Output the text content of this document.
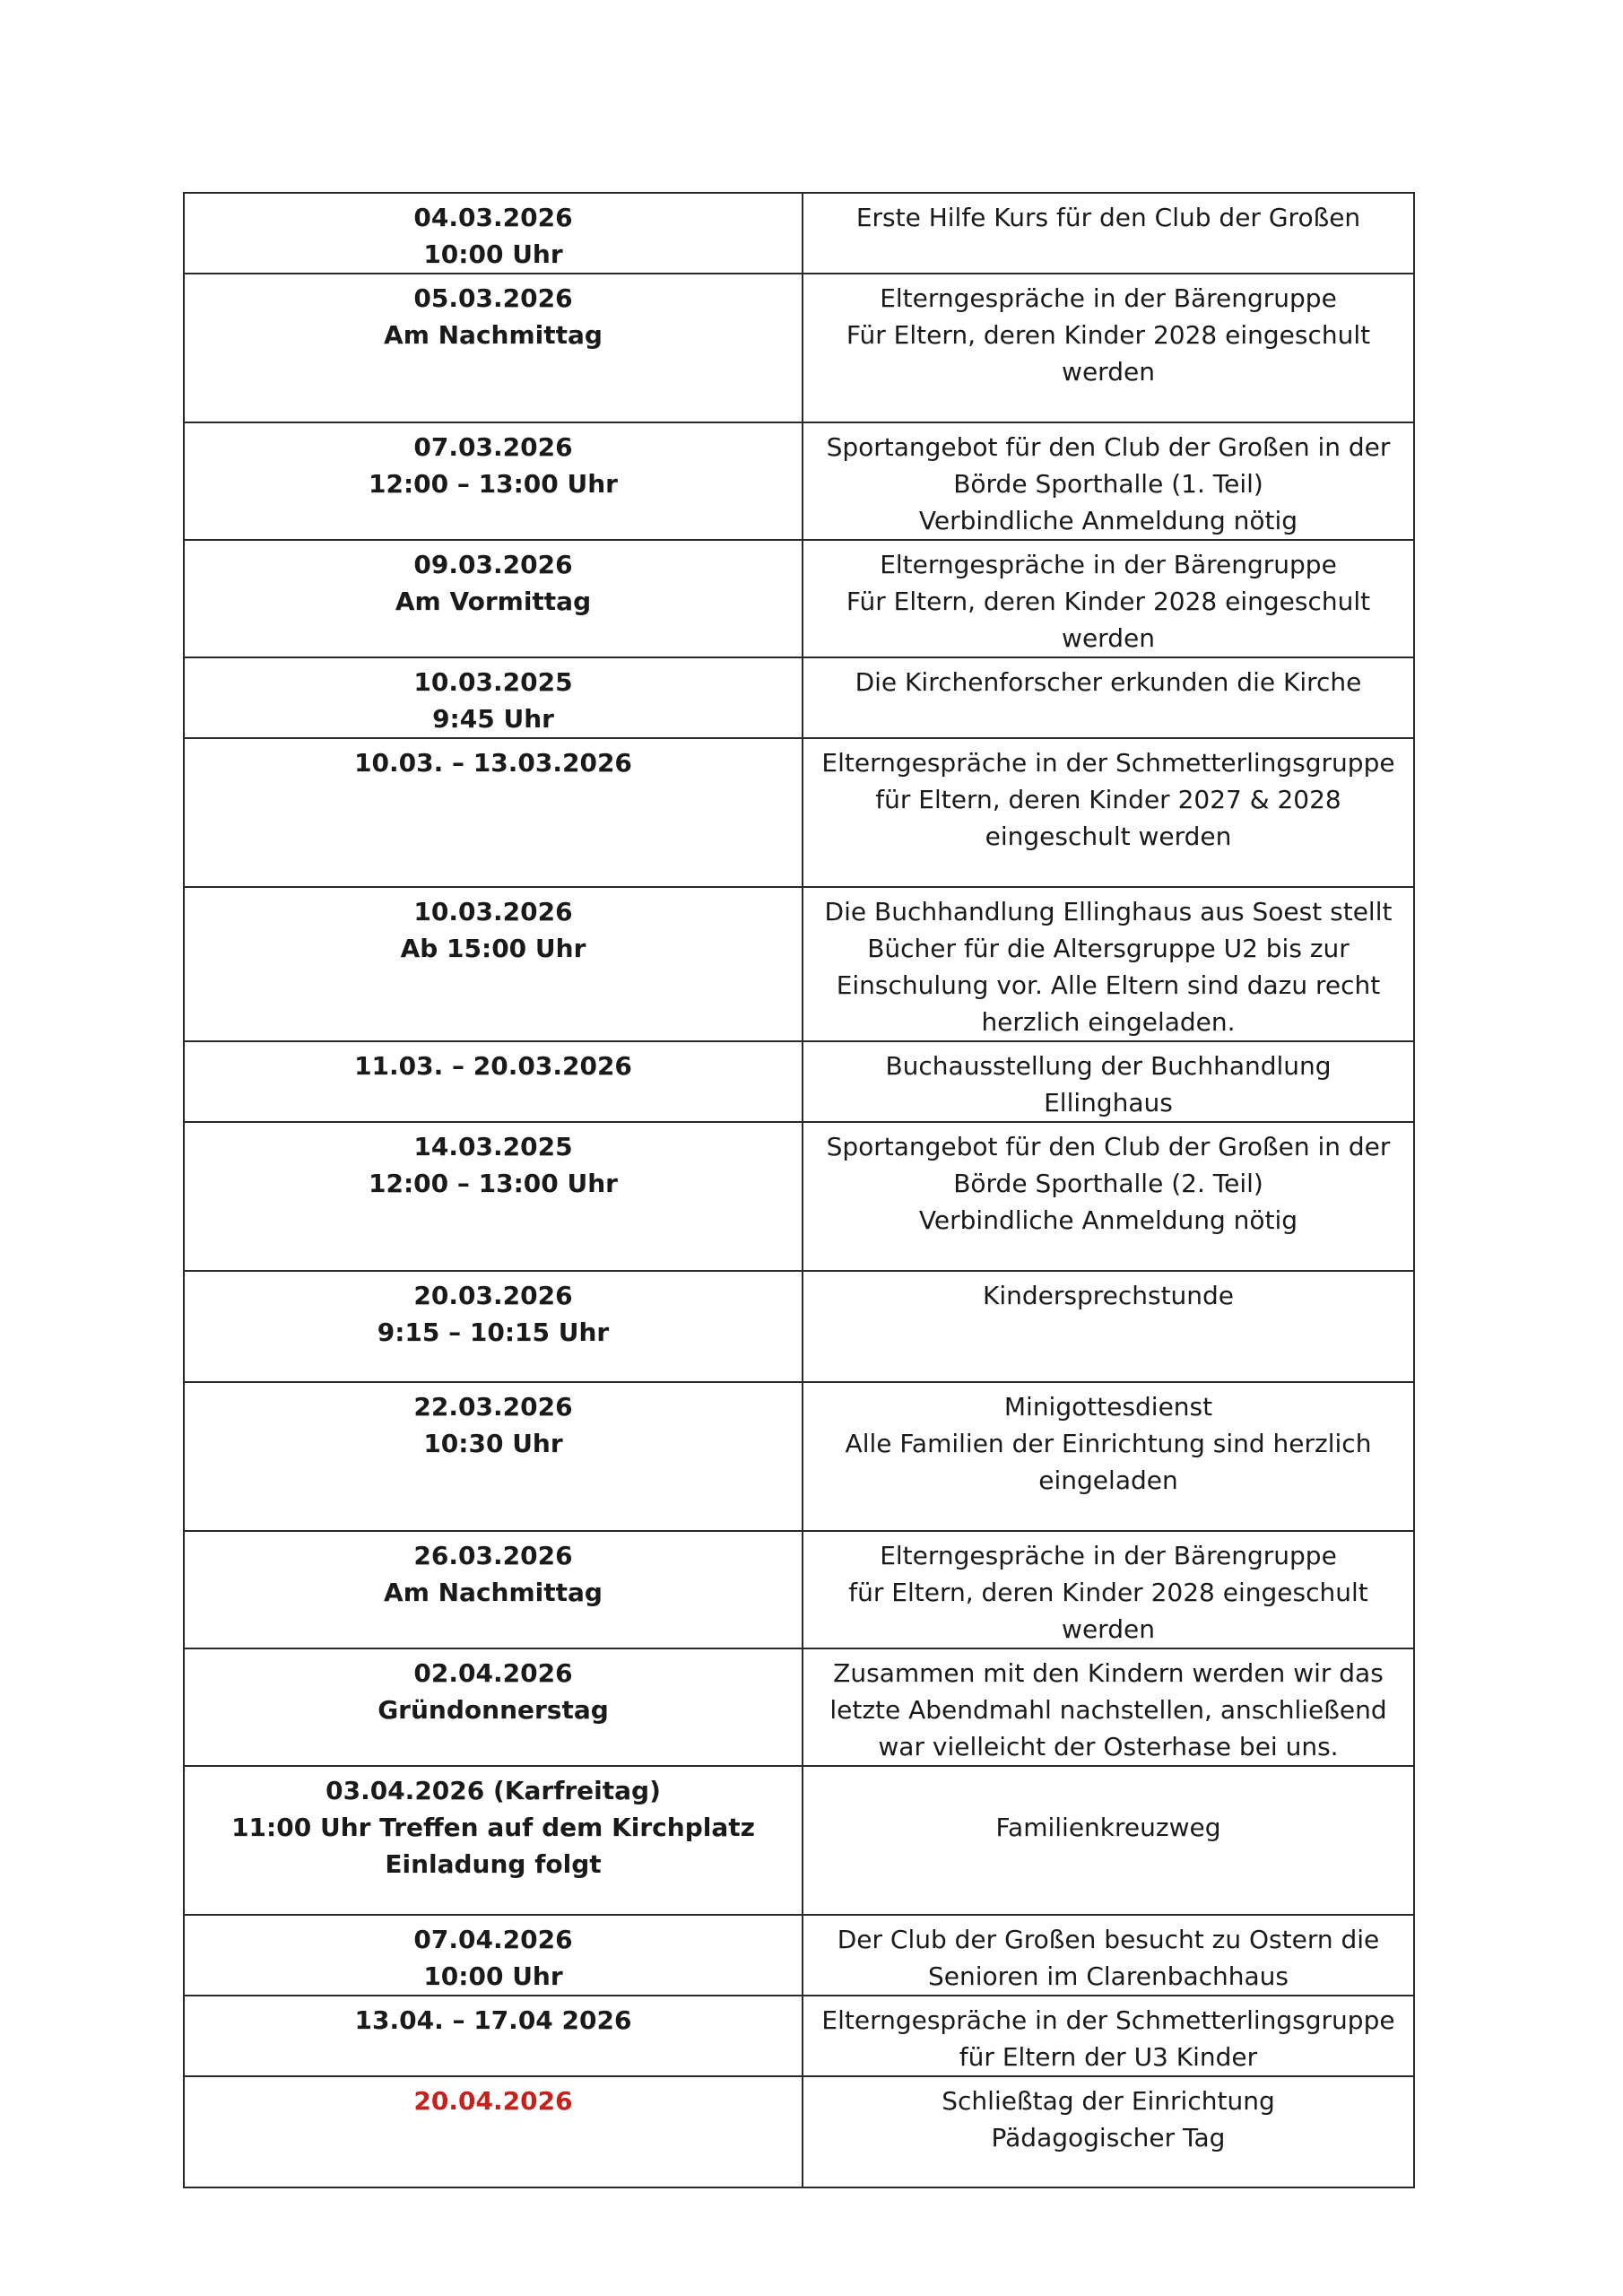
04.03.2026
10:00 Uhr	Erste Hilfe Kurs für den Club der Großen

05.03.2026
Am Nachmittag	Elterngespräche in der Bärengruppe
Für Eltern, deren Kinder 2028 eingeschult
werden

07.03.2026
12:00 – 13:00 Uhr	Sportangebot für den Club der Großen in der
Börde Sporthalle (1. Teil)
Verbindliche Anmeldung nötig

09.03.2026
Am Vormittag	Elterngespräche in der Bärengruppe
Für Eltern, deren Kinder 2028 eingeschult
werden

10.03.2025
9:45 Uhr	Die Kirchenforscher erkunden die Kirche

10.03. – 13.03.2026	Elterngespräche in der Schmetterlingsgruppe
für Eltern, deren Kinder 2027 & 2028
eingeschult werden

10.03.2026
Ab 15:00 Uhr	Die Buchhandlung Ellinghaus aus Soest stellt
Bücher für die Altersgruppe U2 bis zur
Einschulung vor. Alle Eltern sind dazu recht
herzlich eingeladen.

11.03. – 20.03.2026	Buchausstellung der Buchhandlung Ellinghaus

14.03.2025
12:00 – 13:00 Uhr	Sportangebot für den Club der Großen in der
Börde Sporthalle (2. Teil)
Verbindliche Anmeldung nötig

20.03.2026
9:15 – 10:15 Uhr	Kindersprechstunde

22.03.2026
10:30 Uhr	Minigottesdienst
Alle Familien der Einrichtung sind herzlich
eingeladen

26.03.2026
Am Nachmittag	Elterngespräche in der Bärengruppe
für Eltern, deren Kinder 2028 eingeschult
werden

02.04.2026
Gründonnerstag	Zusammen mit den Kindern werden wir das
letzte Abendmahl nachstellen, anschließend
war vielleicht der Osterhase bei uns.

03.04.2026 (Karfreitag)
11:00 Uhr Treffen auf dem Kirchplatz
Einladung folgt	Familienkreuzweg

07.04.2026
10:00 Uhr	Der Club der Großen besucht zu Ostern die
Senioren im Clarenbachhaus

13.04. – 17.04 2026	Elterngespräche in der Schmetterlingsgruppe
für Eltern der U3 Kinder

20.04.2026	Schließtag der Einrichtung
Pädagogischer Tag
